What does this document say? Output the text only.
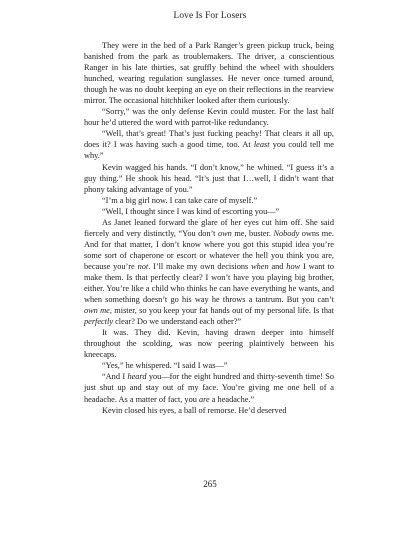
Love Is For Losers

They were in the bed of a Park Ranger’s green pickup truck, being banished from the park as troublemakers. The driver, a conscientious Ranger in his late thirties, sat gruffly behind the wheel with shoulders hunched, wearing regulation sunglasses. He never once turned around, though he was no doubt keeping an eye on their reflections in the rearview mirror. The occasional hitchhiker looked after them curiously.

“Sorry,” was the only defense Kevin could muster. For the last half hour he’d uttered the word with parrot-like redundancy.

“Well, that’s great! That’s just fucking peachy! That clears it all up, does it? I was having such a good time, too. At least you could tell me why.”

Kevin wagged his hands. “I don’t know,” he whined. “I guess it’s a guy thing.” He shook his head. “It’s just that I…well, I didn’t want that phony taking advantage of you.”

“I’m a big girl now. I can take care of myself.”

“Well, I thought since I was kind of escorting you—”

As Janet leaned forward the glare of her eyes cut him off. She said fiercely and very distinctly, “You don’t own me, buster. Nobody owns me. And for that matter, I don’t know where you got this stupid idea you’re some sort of chaperone or escort or whatever the hell you think you are, because you’re not. I’ll make my own decisions when and how I want to make them. Is that perfectly clear? I won’t have you playing big brother, either. You’re like a child who thinks he can have everything he wants, and when something doesn’t go his way he throws a tantrum. But you can’t own me, mister, so you keep your fat hands out of my personal life. Is that perfectly clear? Do we understand each other?”

It was. They did. Kevin, having drawn deeper into himself throughout the scolding, was now peering plaintively between his kneecaps.

“Yes,” he whispered. “I said I was—”

“And I heard you—for the eight hundred and thirty-seventh time! So just shut up and stay out of my face. You’re giving me one hell of a headache. As a matter of fact, you are a headache.”

Kevin closed his eyes, a ball of remorse. He’d deserved

265
